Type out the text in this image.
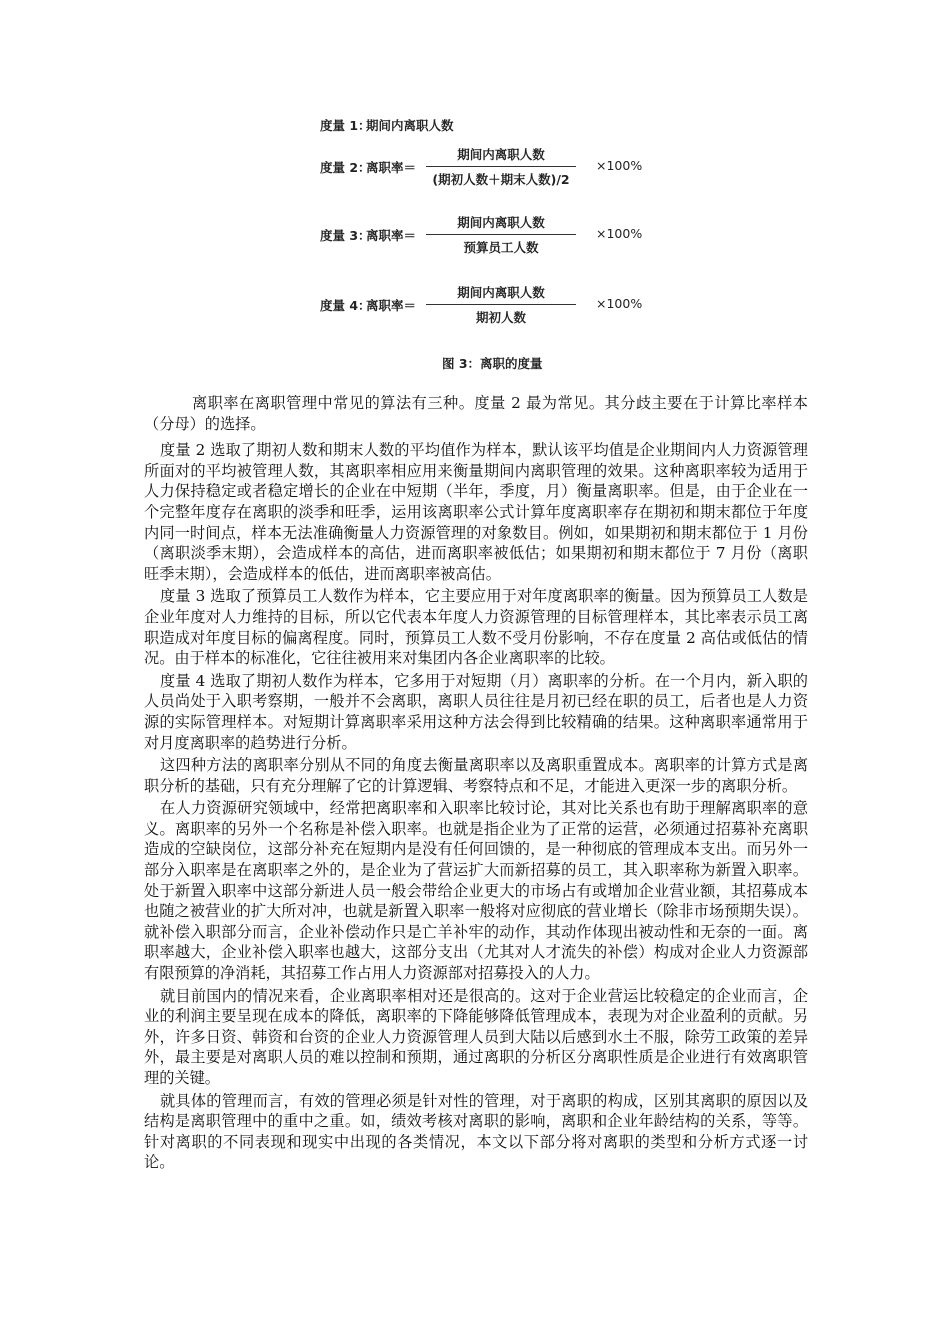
度量 1：
期间内离职人数
度量 2：
离职率＝
期间内离职人数
(期初人数＋期末人数)/2
×100%
度量 3：
离职率＝
期间内离职人数
预算员工人数
×100%
度量 4：
离职率＝
期间内离职人数
期初人数
×100%
图 3：离职的度量

离职率在离职管理中常见的算法有三种。度量 2 最为常见。其分歧主要在于计算比率样本（分母）的选择。

度量 2 选取了期初人数和期末人数的平均值作为样本，默认该平均值是企业期间内人力资源管理所面对的平均被管理人数，其离职率相应用来衡量期间内离职管理的效果。这种离职率较为适用于人力保持稳定或者稳定增长的企业在中短期（半年，季度，月）衡量离职率。但是，由于企业在一个完整年度存在离职的淡季和旺季，运用该离职率公式计算年度离职率存在期初和期末都位于年度内同一时间点，样本无法准确衡量人力资源管理的对象数目。例如，如果期初和期末都位于 1 月份（离职淡季末期），会造成样本的高估，进而离职率被低估；如果期初和期末都位于 7 月份（离职旺季末期），会造成样本的低估，进而离职率被高估。

度量 3 选取了预算员工人数作为样本，它主要应用于对年度离职率的衡量。因为预算员工人数是企业年度对人力维持的目标，所以它代表本年度人力资源管理的目标管理样本，其比率表示员工离职造成对年度目标的偏离程度。同时，预算员工人数不受月份影响，不存在度量 2 高估或低估的情况。由于样本的标准化，它往往被用来对集团内各企业离职率的比较。

度量 4 选取了期初人数作为样本，它多用于对短期（月）离职率的分析。在一个月内，新入职的人员尚处于入职考察期，一般并不会离职，离职人员往往是月初已经在职的员工，后者也是人力资源的实际管理样本。对短期计算离职率采用这种方法会得到比较精确的结果。这种离职率通常用于对月度离职率的趋势进行分析。

这四种方法的离职率分别从不同的角度去衡量离职率以及离职重置成本。离职率的计算方式是离职分析的基础，只有充分理解了它的计算逻辑、考察特点和不足，才能进入更深一步的离职分析。

在人力资源研究领域中，经常把离职率和入职率比较讨论，其对比关系也有助于理解离职率的意义。离职率的另外一个名称是补偿入职率。也就是指企业为了正常的运营，必须通过招募补充离职造成的空缺岗位，这部分补充在短期内是没有任何回馈的，是一种彻底的管理成本支出。而另外一部分入职率是在离职率之外的，是企业为了营运扩大而新招募的员工，其入职率称为新置入职率。处于新置入职率中这部分新进人员一般会带给企业更大的市场占有或增加企业营业额，其招募成本也随之被营业的扩大所对冲，也就是新置入职率一般将对应彻底的营业增长（除非市场预期失误）。就补偿入职部分而言，企业补偿动作只是亡羊补牢的动作，其动作体现出被动性和无奈的一面。离职率越大，企业补偿入职率也越大，这部分支出（尤其对人才流失的补偿）构成对企业人力资源部有限预算的净消耗，其招募工作占用人力资源部对招募投入的人力。

就目前国内的情况来看，企业离职率相对还是很高的。这对于企业营运比较稳定的企业而言，企业的利润主要呈现在成本的降低，离职率的下降能够降低管理成本，表现为对企业盈利的贡献。另外，许多日资、韩资和台资的企业人力资源管理人员到大陆以后感到水土不服，除劳工政策的差异外，最主要是对离职人员的难以控制和预期，通过离职的分析区分离职性质是企业进行有效离职管理的关键。

就具体的管理而言，有效的管理必须是针对性的管理，对于离职的构成，区别其离职的原因以及结构是离职管理中的重中之重。如，绩效考核对离职的影响，离职和企业年龄结构的关系，等等。针对离职的不同表现和现实中出现的各类情况，本文以下部分将对离职的类型和分析方式逐一讨论。
